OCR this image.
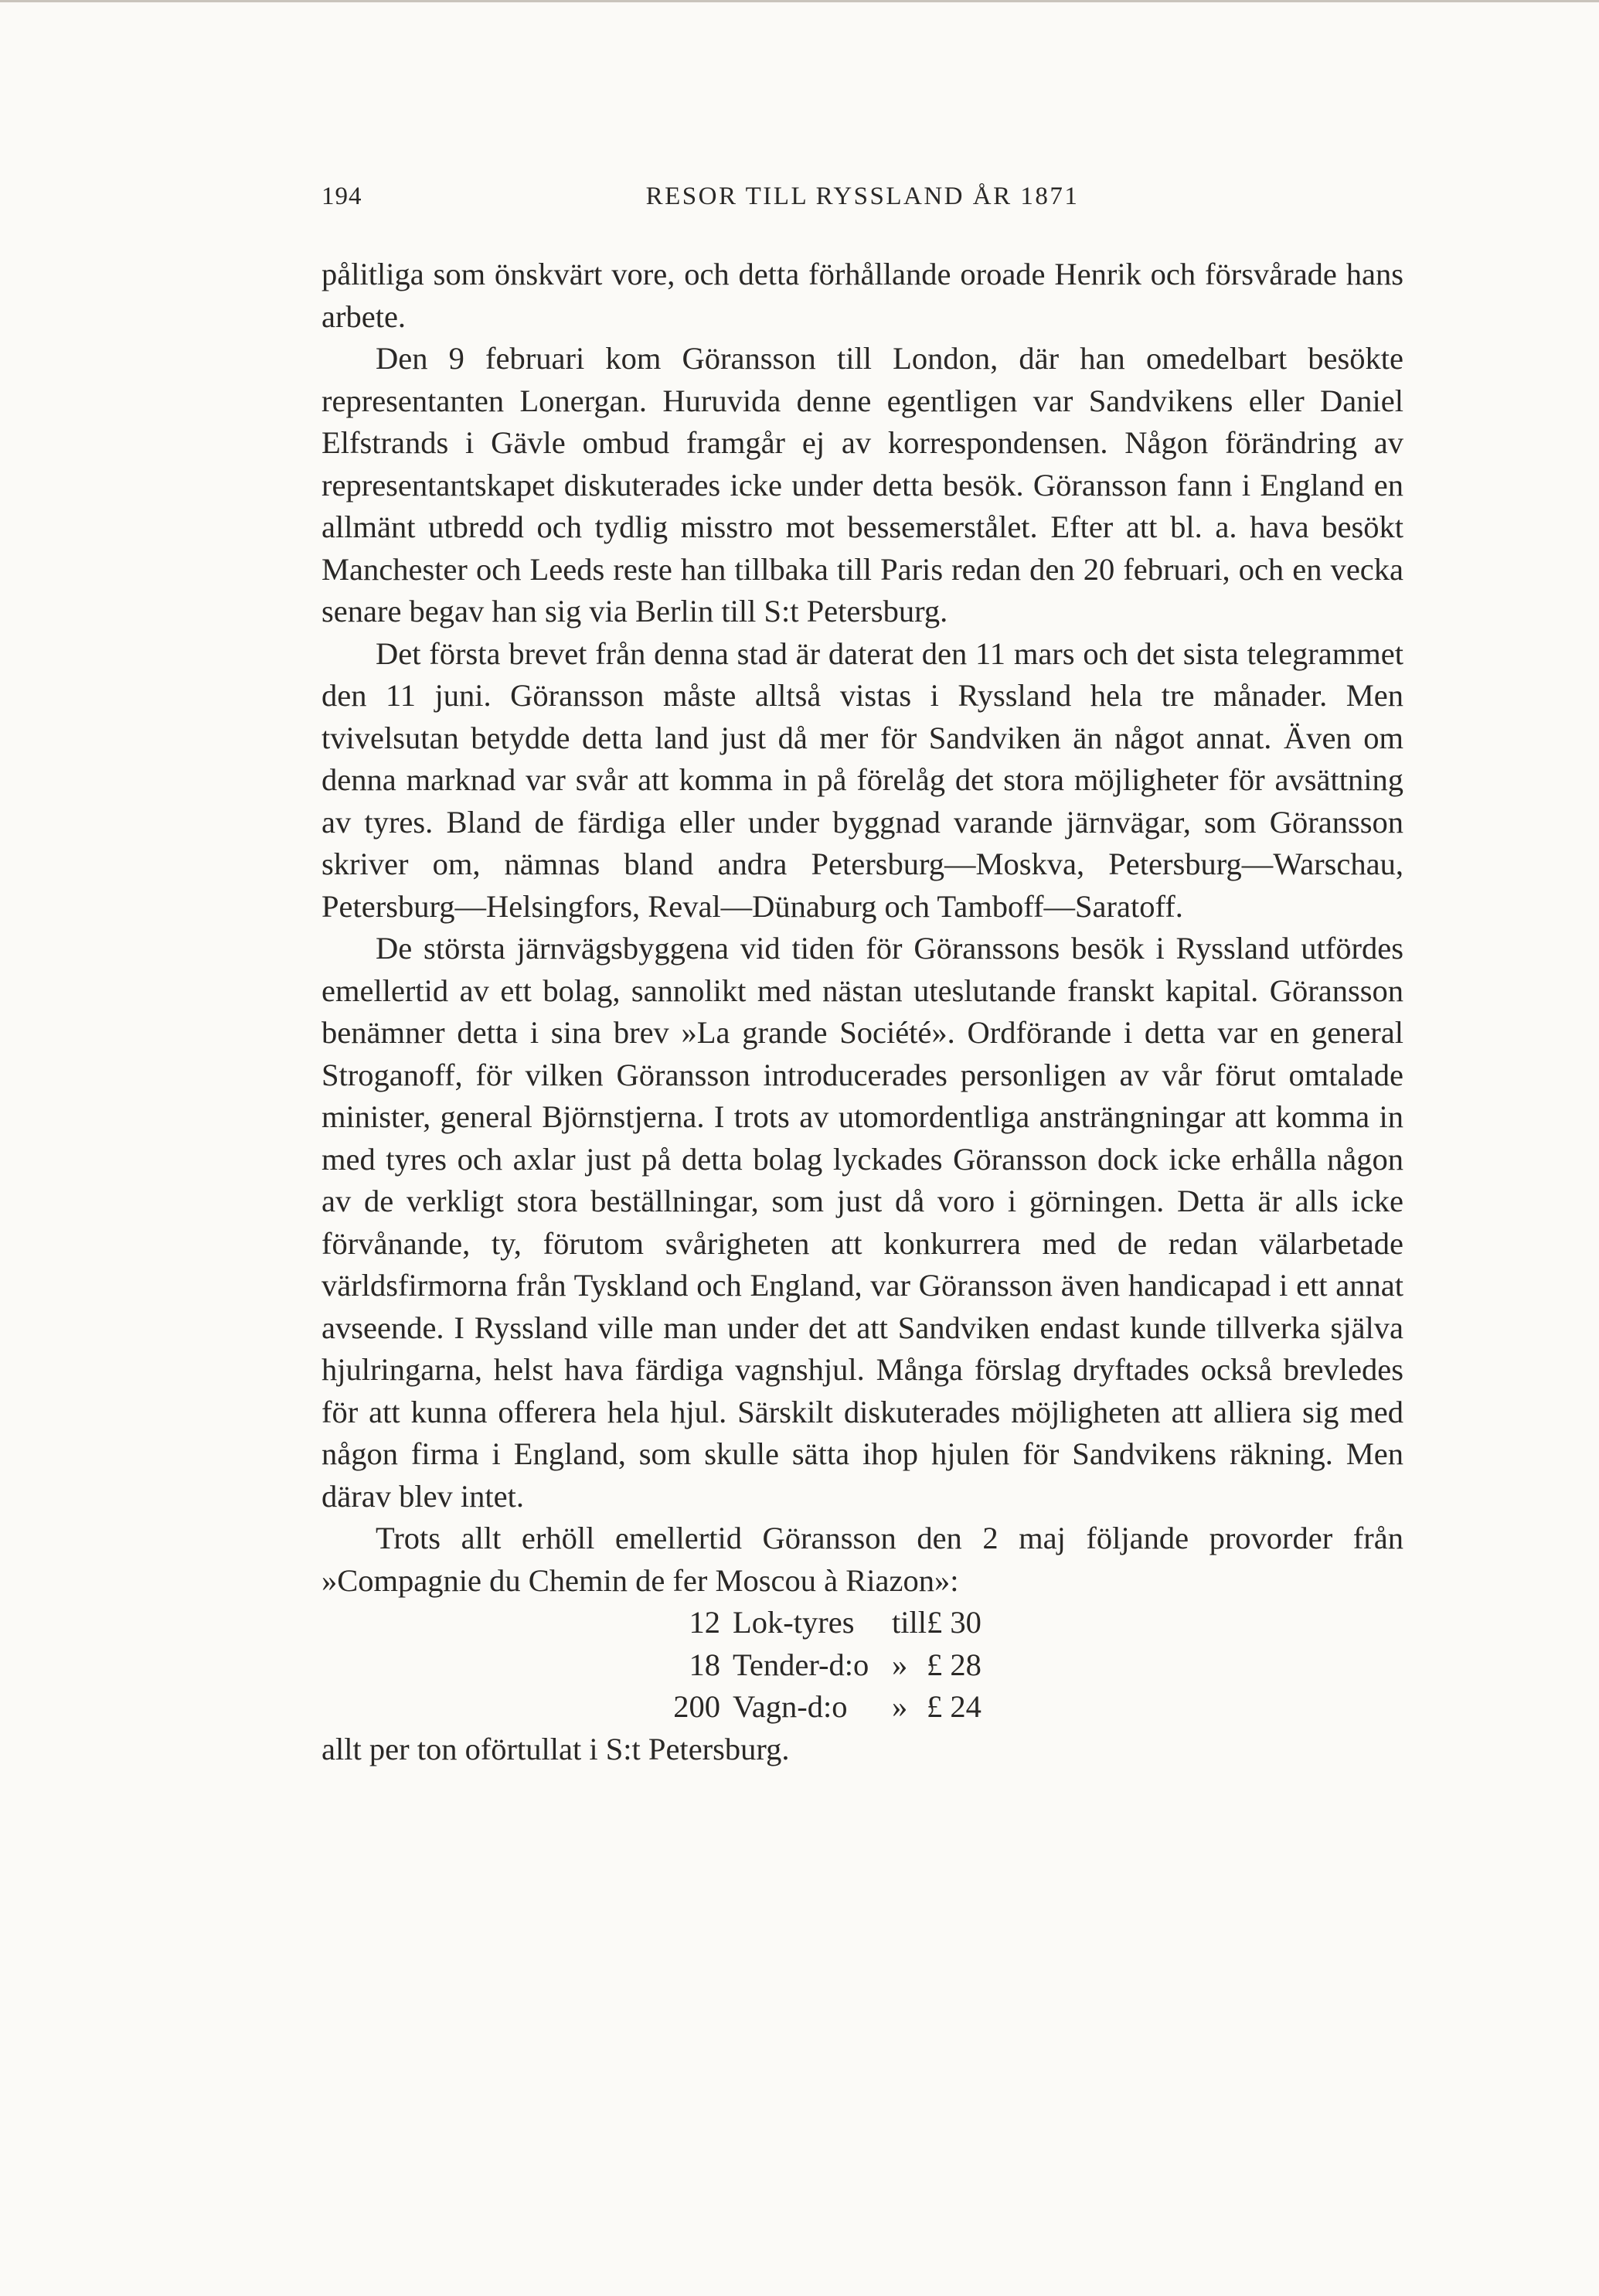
194	RESOR TILL RYSSLAND ÅR 1871

pålitliga som önskvärt vore, och detta förhållande oroade Henrik och försvårade hans arbete.

Den 9 februari kom Göransson till London, där han omedelbart besökte representanten Lonergan. Huruvida denne egentligen var Sandvikens eller Daniel Elfstrands i Gävle ombud framgår ej av korrespondensen. Någon förändring av representantskapet diskuterades icke under detta besök. Göransson fann i England en allmänt utbredd och tydlig misstro mot bessemerstålet. Efter att bl. a. hava besökt Manchester och Leeds reste han tillbaka till Paris redan den 20 februari, och en vecka senare begav han sig via Berlin till S:t Petersburg.

Det första brevet från denna stad är daterat den 11 mars och det sista telegrammet den 11 juni. Göransson måste alltså vistas i Ryssland hela tre månader. Men tvivelsutan betydde detta land just då mer för Sandviken än något annat. Även om denna marknad var svår att komma in på förelåg det stora möjligheter för avsättning av tyres. Bland de färdiga eller under byggnad varande järnvägar, som Göransson skriver om, nämnas bland andra Petersburg—Moskva, Petersburg—Warschau, Petersburg—Helsingfors, Reval—Dünaburg och Tamboff—Saratoff.

De största järnvägsbyggena vid tiden för Göranssons besök i Ryssland utfördes emellertid av ett bolag, sannolikt med nästan uteslutande franskt kapital. Göransson benämner detta i sina brev »La grande Société». Ordförande i detta var en general Stroganoff, för vilken Göransson introducerades personligen av vår förut omtalade minister, general Björnstjerna. I trots av utomordentliga ansträngningar att komma in med tyres och axlar just på detta bolag lyckades Göransson dock icke erhålla någon av de verkligt stora beställningar, som just då voro i görningen. Detta är alls icke förvånande, ty, förutom svårigheten att konkurrera med de redan välarbetade världsfirmorna från Tyskland och England, var Göransson även handicapad i ett annat avseende. I Ryssland ville man under det att Sandviken endast kunde tillverka själva hjulringarna, helst hava färdiga vagnshjul. Många förslag dryftades också brevledes för att kunna offerera hela hjul. Särskilt diskuterades möjligheten att alliera sig med någon firma i England, som skulle sätta ihop hjulen för Sandvikens räkning. Men därav blev intet.

Trots allt erhöll emellertid Göransson den 2 maj följande provorder från »Compagnie du Chemin de fer Moscou à Riazon»:

12	Lok-tyres	till	£ 30
18	Tender-d:o	»	£ 28
200	Vagn-d:o	»	£ 24

allt per ton oförtullat i S:t Petersburg.
